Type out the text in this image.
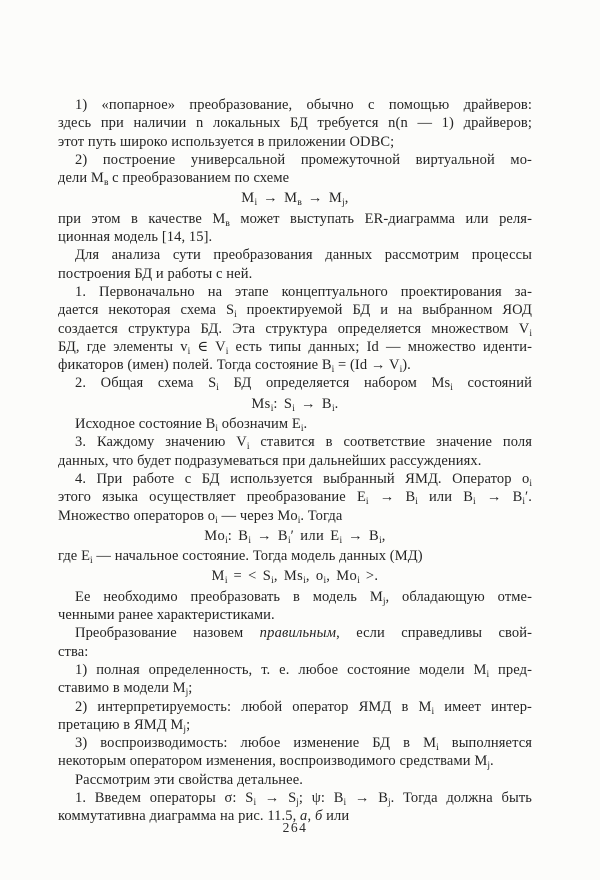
1) «попарное» преобразование, обычно с помощью драйверов:
здесь при наличии n локальных БД требуется n(n — 1) драйверов;
этот путь широко используется в приложении ODBC;
2) построение универсальной промежуточной виртуальной мо-
дели $M_в$ с преобразованием по схеме
$M_i \to M_в \to M_j$,
при этом в качестве $M_в$ может выступать ER-диаграмма или реля-
ционная модель [14, 15].
Для анализа сути преобразования данных рассмотрим процессы
построения БД и работы с ней.
1. Первоначально на этапе концептуального проектирования за-
дается некоторая схема $S_i$ проектируемой БД и на выбранном ЯОД
создается структура БД. Эта структура определяется множеством $V_i$
БД, где элементы $v_i$ ∈ $V_i$ есть типы данных; Id — множество иденти-
фикаторов (имен) полей. Тогда состояние $B_i = (Id \to V_i)$.
2. Общая схема $S_i$ БД определяется набором $Ms_i$ состояний
$Ms_i$: $S_i \to B_i$.
Исходное состояние $B_i$ обозначим $E_i$.
3. Каждому значению $V_i$ ставится в соответствие значение поля
данных, что будет подразумеваться при дальнейших рассуждениях.
4. При работе с БД используется выбранный ЯМД. Оператор $o_i$
этого языка осуществляет преобразование $E_i \to B_i$ или $B_i \to B_i'$.
Множество операторов $o_i$ — через $Mo_i$. Тогда
$Mo_i$: $B_i \to B_i'$ или $E_i \to B_i$,
где $E_i$ — начальное состояние. Тогда модель данных (МД)
$M_i$ = < $S_i$, $Ms_i$, $o_i$, $Mo_i$ >.
Ее необходимо преобразовать в модель $M_j$, обладающую отме-
ченными ранее характеристиками.
Преобразование назовем правильным, если справедливы свой-
ства:
1) полная определенность, т. е. любое состояние модели $M_i$ пред-
ставимо в модели $M_j$;
2) интерпретируемость: любой оператор ЯМД в $M_i$ имеет интер-
претацию в ЯМД $M_j$;
3) воспроизводимость: любое изменение БД в $M_i$ выполняется
некоторым оператором изменения, воспроизводимого средствами $M_j$.
Рассмотрим эти свойства детальнее.
1. Введем операторы σ: $S_i \to S_j$; ψ: $B_i \to B_j$. Тогда должна быть
коммутативна диаграмма на рис. 11.5, а, б или
264
